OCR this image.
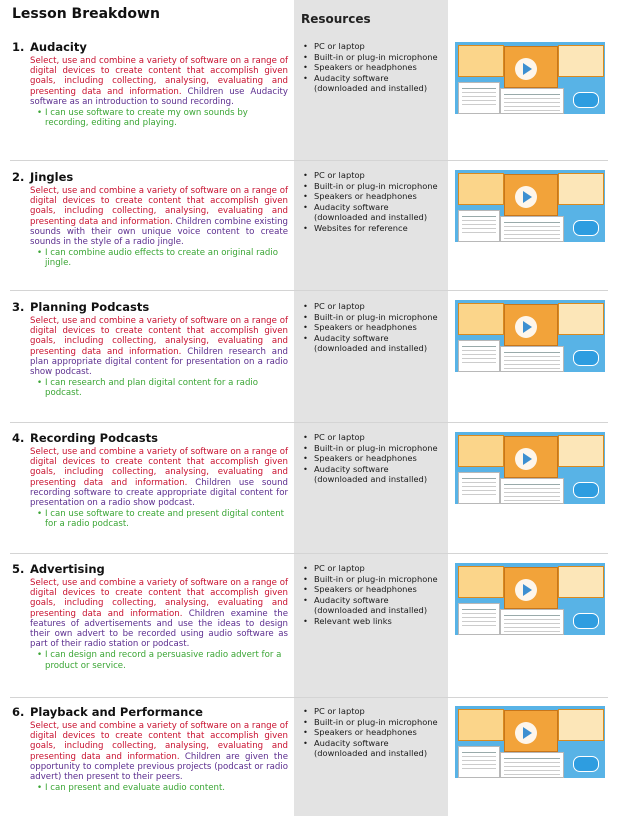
Lesson Breakdown	Resources
1. Audacity
Select, use and combine a variety of software on a range of digital devices to create content that accomplish given goals, including collecting, analysing, evaluating and presenting data and information. Children use Audacity software as an introduction to sound recording.
• I can use software to create my own sounds by recording, editing and playing.
• PC or laptop
• Built-in or plug-in microphone
• Speakers or headphones
• Audacity software (downloaded and installed)
2. Jingles
Select, use and combine a variety of software on a range of digital devices to create content that accomplish given goals, including collecting, analysing, evaluating and presenting data and information. Children combine existing sounds with their own unique voice content to create sounds in the style of a radio jingle.
• I can combine audio effects to create an original radio jingle.
• PC or laptop
• Built-in or plug-in microphone
• Speakers or headphones
• Audacity software (downloaded and installed)
• Websites for reference
3. Planning Podcasts
Select, use and combine a variety of software on a range of digital devices to create content that accomplish given goals, including collecting, analysing, evaluating and presenting data and information. Children research and plan appropriate digital content for presentation on a radio show podcast.
• I can research and plan digital content for a radio podcast.
• PC or laptop
• Built-in or plug-in microphone
• Speakers or headphones
• Audacity software (downloaded and installed)
4. Recording Podcasts
Select, use and combine a variety of software on a range of digital devices to create content that accomplish given goals, including collecting, analysing, evaluating and presenting data and information. Children use sound recording software to create appropriate digital content for presentation on a radio show podcast.
• I can use software to create and present digital content for a radio podcast.
• PC or laptop
• Built-in or plug-in microphone
• Speakers or headphones
• Audacity software (downloaded and installed)
5. Advertising
Select, use and combine a variety of software on a range of digital devices to create content that accomplish given goals, including collecting, analysing, evaluating and presenting data and information. Children examine the features of advertisements and use the ideas to design their own advert to be recorded using audio software as part of their radio station or podcast.
• I can design and record a persuasive radio advert for a product or service.
• PC or laptop
• Built-in or plug-in microphone
• Speakers or headphones
• Audacity software (downloaded and installed)
• Relevant web links
6. Playback and Performance
Select, use and combine a variety of software on a range of digital devices to create content that accomplish given goals, including collecting, analysing, evaluating and presenting data and information. Children are given the opportunity to complete previous projects (podcast or radio advert) then present to their peers.
• I can present and evaluate audio content.
• PC or laptop
• Built-in or plug-in microphone
• Speakers or headphones
• Audacity software (downloaded and installed)
